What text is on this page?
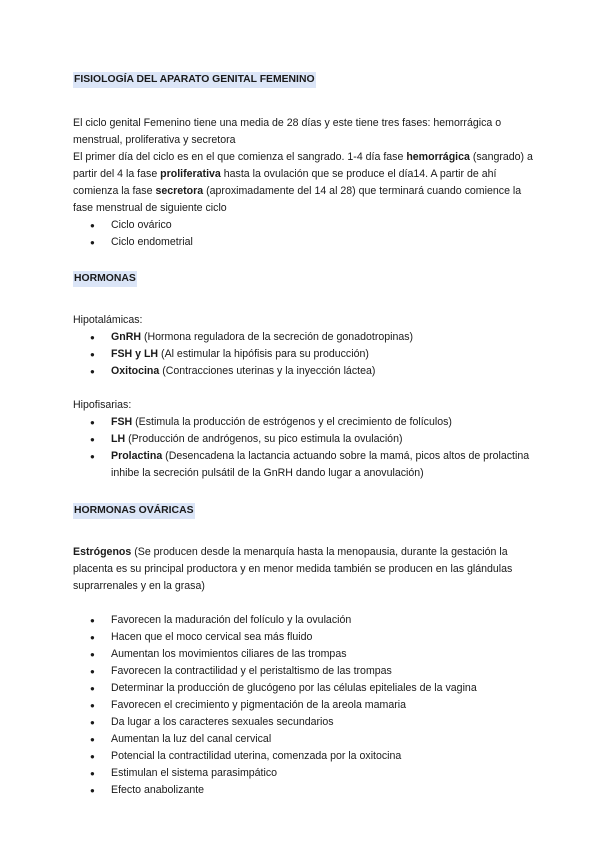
FISIOLOGÍA DEL APARATO GENITAL FEMENINO

El ciclo genital Femenino tiene una media de 28 días y este tiene tres fases: hemorrágica o menstrual, proliferativa y secretora

El primer día del ciclo es en el que comienza el sangrado. 1-4 día fase hemorrágica (sangrado) a partir del 4 la fase proliferativa hasta la ovulación que se produce el día14. A partir de ahí comienza la fase secretora (aproximadamente del 14 al 28) que terminará cuando comience la fase menstrual de siguiente ciclo

● Ciclo ovárico
● Ciclo endometrial
HORMONAS

Hipotalámicas:

● GnRH (Hormona reguladora de la secreción de gonadotropinas)
● FSH y LH (Al estimular la hipófisis para su producción)
● Oxitocina (Contracciones uterinas y la inyección láctea)

Hipofisarias:

● FSH (Estimula la producción de estrógenos y el crecimiento de folículos)
● LH (Producción de andrógenos, su pico estimula la ovulación)
● Prolactina (Desencadena la lactancia actuando sobre la mamá, picos altos de prolactina inhibe la secreción pulsátil de la GnRH dando lugar a anovulación)
HORMONAS OVÁRICAS

Estrógenos (Se producen desde la menarquía hasta la menopausia, durante la gestación la placenta es su principal productora y en menor medida también se producen en las glándulas suprarrenales y en la grasa)

● Favorecen la maduración del folículo y la ovulación
● Hacen que el moco cervical sea más fluido
● Aumentan los movimientos ciliares de las trompas
● Favorecen la contractilidad y el peristaltismo de las trompas
● Determinar la producción de glucógeno por las células epiteliales de la vagina
● Favorecen el crecimiento y pigmentación de la areola mamaria
● Da lugar a los caracteres sexuales secundarios
● Aumentan la luz del canal cervical
● Potencial la contractilidad uterina, comenzada por la oxitocina
● Estimulan el sistema parasimpático
● Efecto anabolizante
